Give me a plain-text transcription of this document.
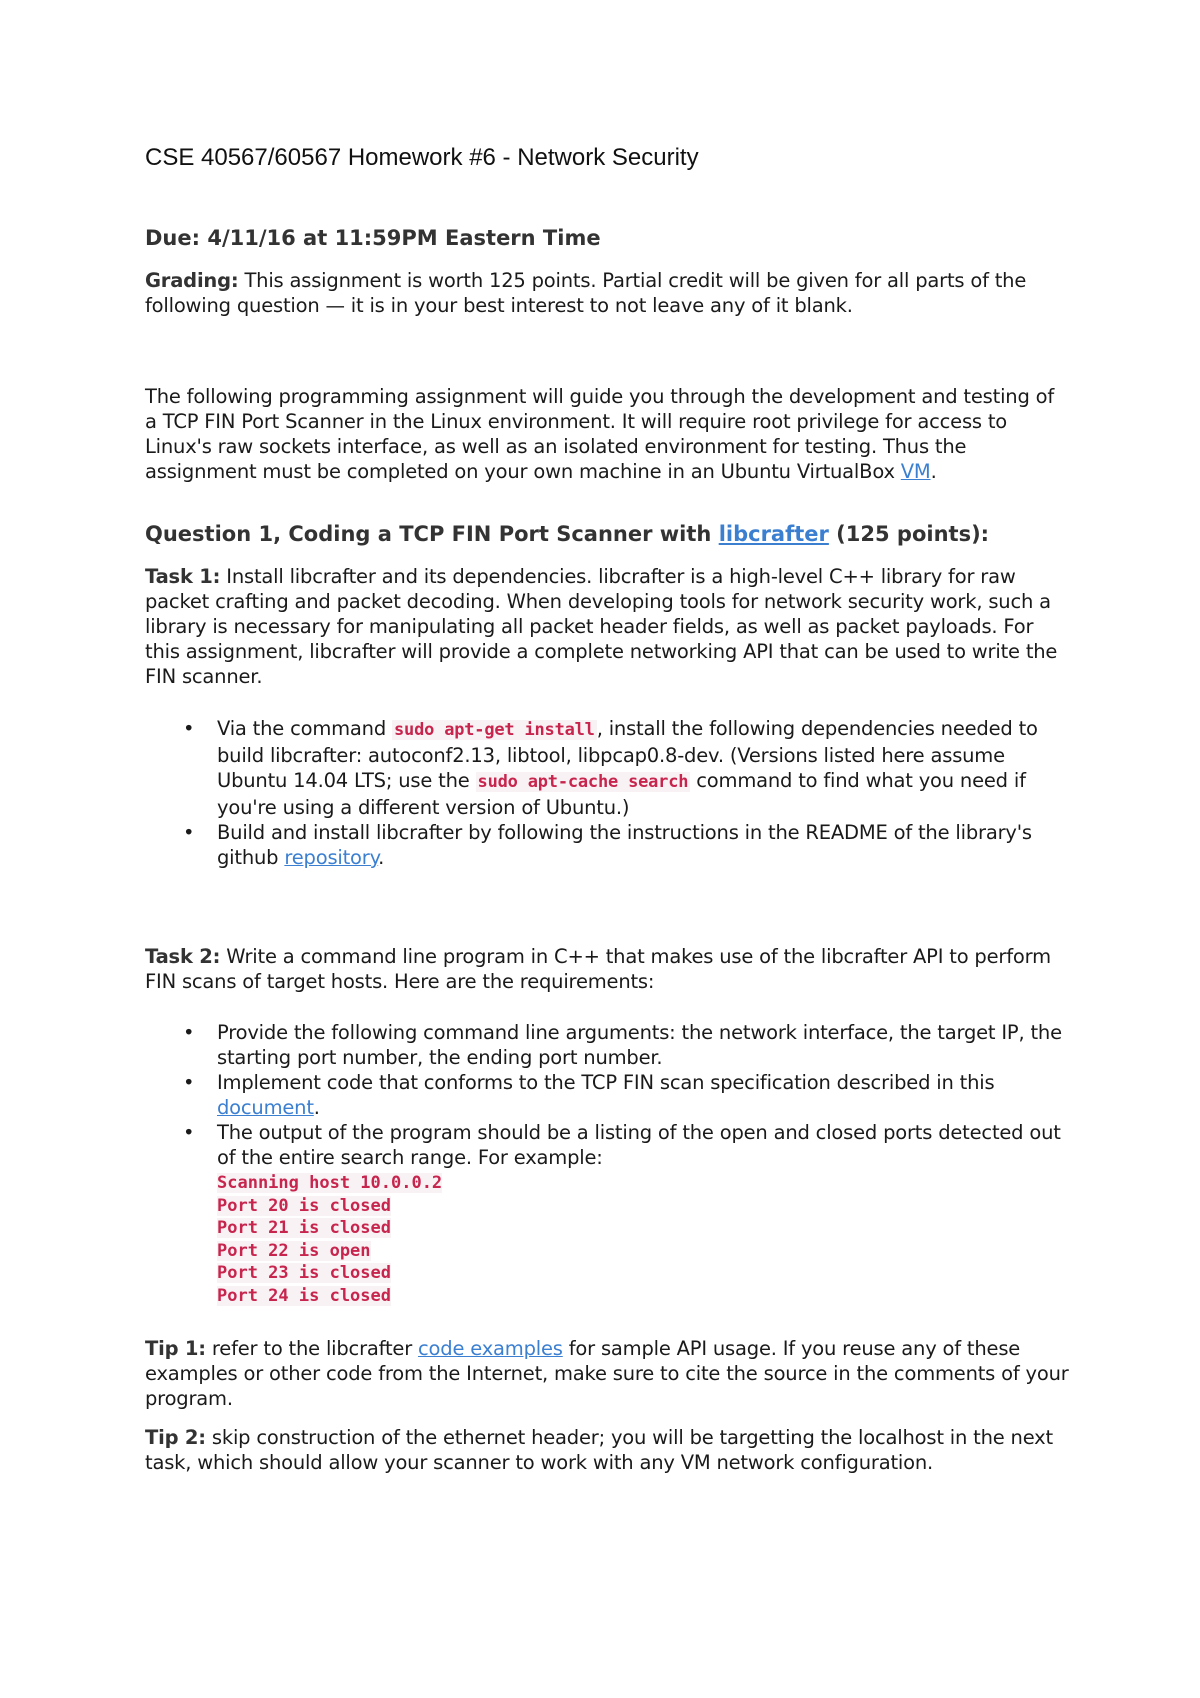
CSE 40567/60567 Homework #6 - Network Security
Due: 4/11/16 at 11:59PM Eastern Time
Grading: This assignment is worth 125 points. Partial credit will be given for all parts of the following question — it is in your best interest to not leave any of it blank.
The following programming assignment will guide you through the development and testing of a TCP FIN Port Scanner in the Linux environment. It will require root privilege for access to Linux's raw sockets interface, as well as an isolated environment for testing. Thus the assignment must be completed on your own machine in an Ubuntu VirtualBox VM.
Question 1, Coding a TCP FIN Port Scanner with libcrafter (125 points):
Task 1: Install libcrafter and its dependencies. libcrafter is a high-level C++ library for raw packet crafting and packet decoding. When developing tools for network security work, such a library is necessary for manipulating all packet header fields, as well as packet payloads. For this assignment, libcrafter will provide a complete networking API that can be used to write the FIN scanner.
• Via the command sudo apt-get install , install the following dependencies needed to build libcrafter: autoconf2.13, libtool, libpcap0.8-dev. (Versions listed here assume Ubuntu 14.04 LTS; use the sudo apt-cache search command to find what you need if you're using a different version of Ubuntu.)
• Build and install libcrafter by following the instructions in the README of the library's github repository.
Task 2: Write a command line program in C++ that makes use of the libcrafter API to perform FIN scans of target hosts. Here are the requirements:
• Provide the following command line arguments: the network interface, the target IP, the starting port number, the ending port number.
• Implement code that conforms to the TCP FIN scan specification described in this document.
• The output of the program should be a listing of the open and closed ports detected out of the entire search range. For example:
Scanning host 10.0.0.2
Port 20 is closed
Port 21 is closed
Port 22 is open
Port 23 is closed
Port 24 is closed
Tip 1: refer to the libcrafter code examples for sample API usage. If you reuse any of these examples or other code from the Internet, make sure to cite the source in the comments of your program.
Tip 2: skip construction of the ethernet header; you will be targetting the localhost in the next task, which should allow your scanner to work with any VM network configuration.
